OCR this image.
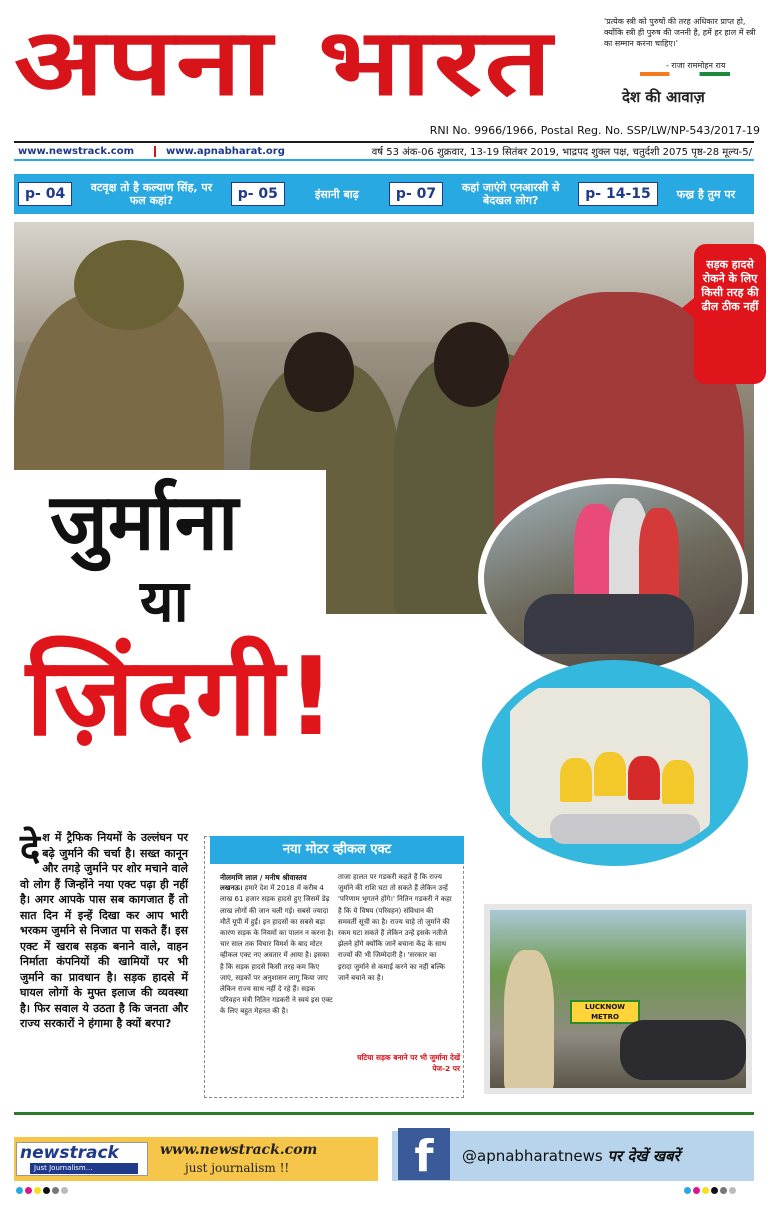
अपना भारत	'प्रत्येक स्त्री को पुरुषों की तरह अधिकार प्राप्त हो, क्योंकि स्त्री ही पुरुष की जननी है, हमें हर हाल में स्त्री का सम्मान करना चाहिए।'
- राजा राममोहन राय
देश की आवाज़
RNI No. 9966/1966, Postal Reg. No. SSP/LW/NP-543/2017-19
www.newstrack.com	www.apnabharat.org	वर्ष 53 अंक-06 शुक्रवार, 13-19 सितंबर 2019, भाद्रपद शुक्ल पक्ष, चतुर्दशी 2075 पृष्ठ-28 मूल्य-5/
p- 04	वटवृक्ष तो है कल्याण सिंह, पर फल कहां?	p- 05	इंसानी बाढ़	p- 07	कहां जाएंगे एनआरसी से बेदखल लोग?	p- 14-15	फख्र है तुम पर
सड़क हादसे रोकने के लिए किसी तरह की ढील ठीक नहीं
जुर्माना
या
ज़िंदगी!
देश में ट्रैफिक नियमों के उल्लंघन पर बढ़े जुर्माने की चर्चा है। सख्त कानून और तगड़े जुर्माने पर शोर मचाने वाले वो लोग हैं जिन्होंने नया एक्ट पढ़ा ही नहीं है। अगर आपके पास सब कागजात हैं तो सात दिन में इन्हें दिखा कर आप भारी भरकम जुर्माने से निजात पा सकते हैं। इस एक्ट में खराब सड़क बनाने वाले, वाहन निर्माता कंपनियों की खामियों पर भी जुर्माने का प्रावधान है। सड़क हादसे में घायल लोगों के मुफ्त इलाज की व्यवस्था है। फिर सवाल ये उठता है कि जनता और राज्य सरकारों ने हंगामा है क्यों बरपा?
नया मोटर व्हीकल एक्ट
नीलमणि लाल / मनीष श्रीवास्तव
लखनऊ। हमारे देश में 2018 में करीब 4 लाख 61 हजार सड़क हादसे हुए जिसमें डेढ़ लाख लोगों की जान चली गई। सबसे ज्यादा मौतें यूपी में हुईं। इन हादसों का सबसे बड़ा कारण सड़क के नियमों का पालन न करना है। चार साल तक विचार विमर्श के बाद मोटर व्हीकल एक्ट नए अवतार में आया है। इसका है कि सड़क हादसे किसी तरह कम किए जाएं, सड़कों पर अनुशासन लागू किया जाए लेकिन राज्य साथ नहीं दे रहे हैं। सड़क परिवहन मंत्री नितिन गडकरी ने स्वयं इस एक्ट के लिए बहुत मेहनत की है।
ताजा हालत पर गडकरी कहते हैं कि राज्य जुर्माने की राशि घटा तो सकते हैं लेकिन उन्हें 'परिणाम भुगतने होंगे।' नितिन गडकरी ने कहा है कि ये विषय (परिवहन) संविधान की समवर्ती सूची का है। राज्य चाहे तो जुर्माने की रकम घटा सकते हैं लेकिन उन्हें इसके नतीजे झेलने होंगे क्योंकि जानें बचाना केंद्र के साथ राज्यों की भी जिम्मेदारी है। 'सरकार का इरादा जुर्माने से कमाई करने का नहीं बल्कि जानें बचाने का है।
घटिया सड़क बनाने पर भी जुर्माना देखें पेज-2 पर
LUCKNOW METRO
newstrack
Just Journalism...
www.newstrack.com
just journalism !!	f	@apnabharatnews पर देखें खबरें
